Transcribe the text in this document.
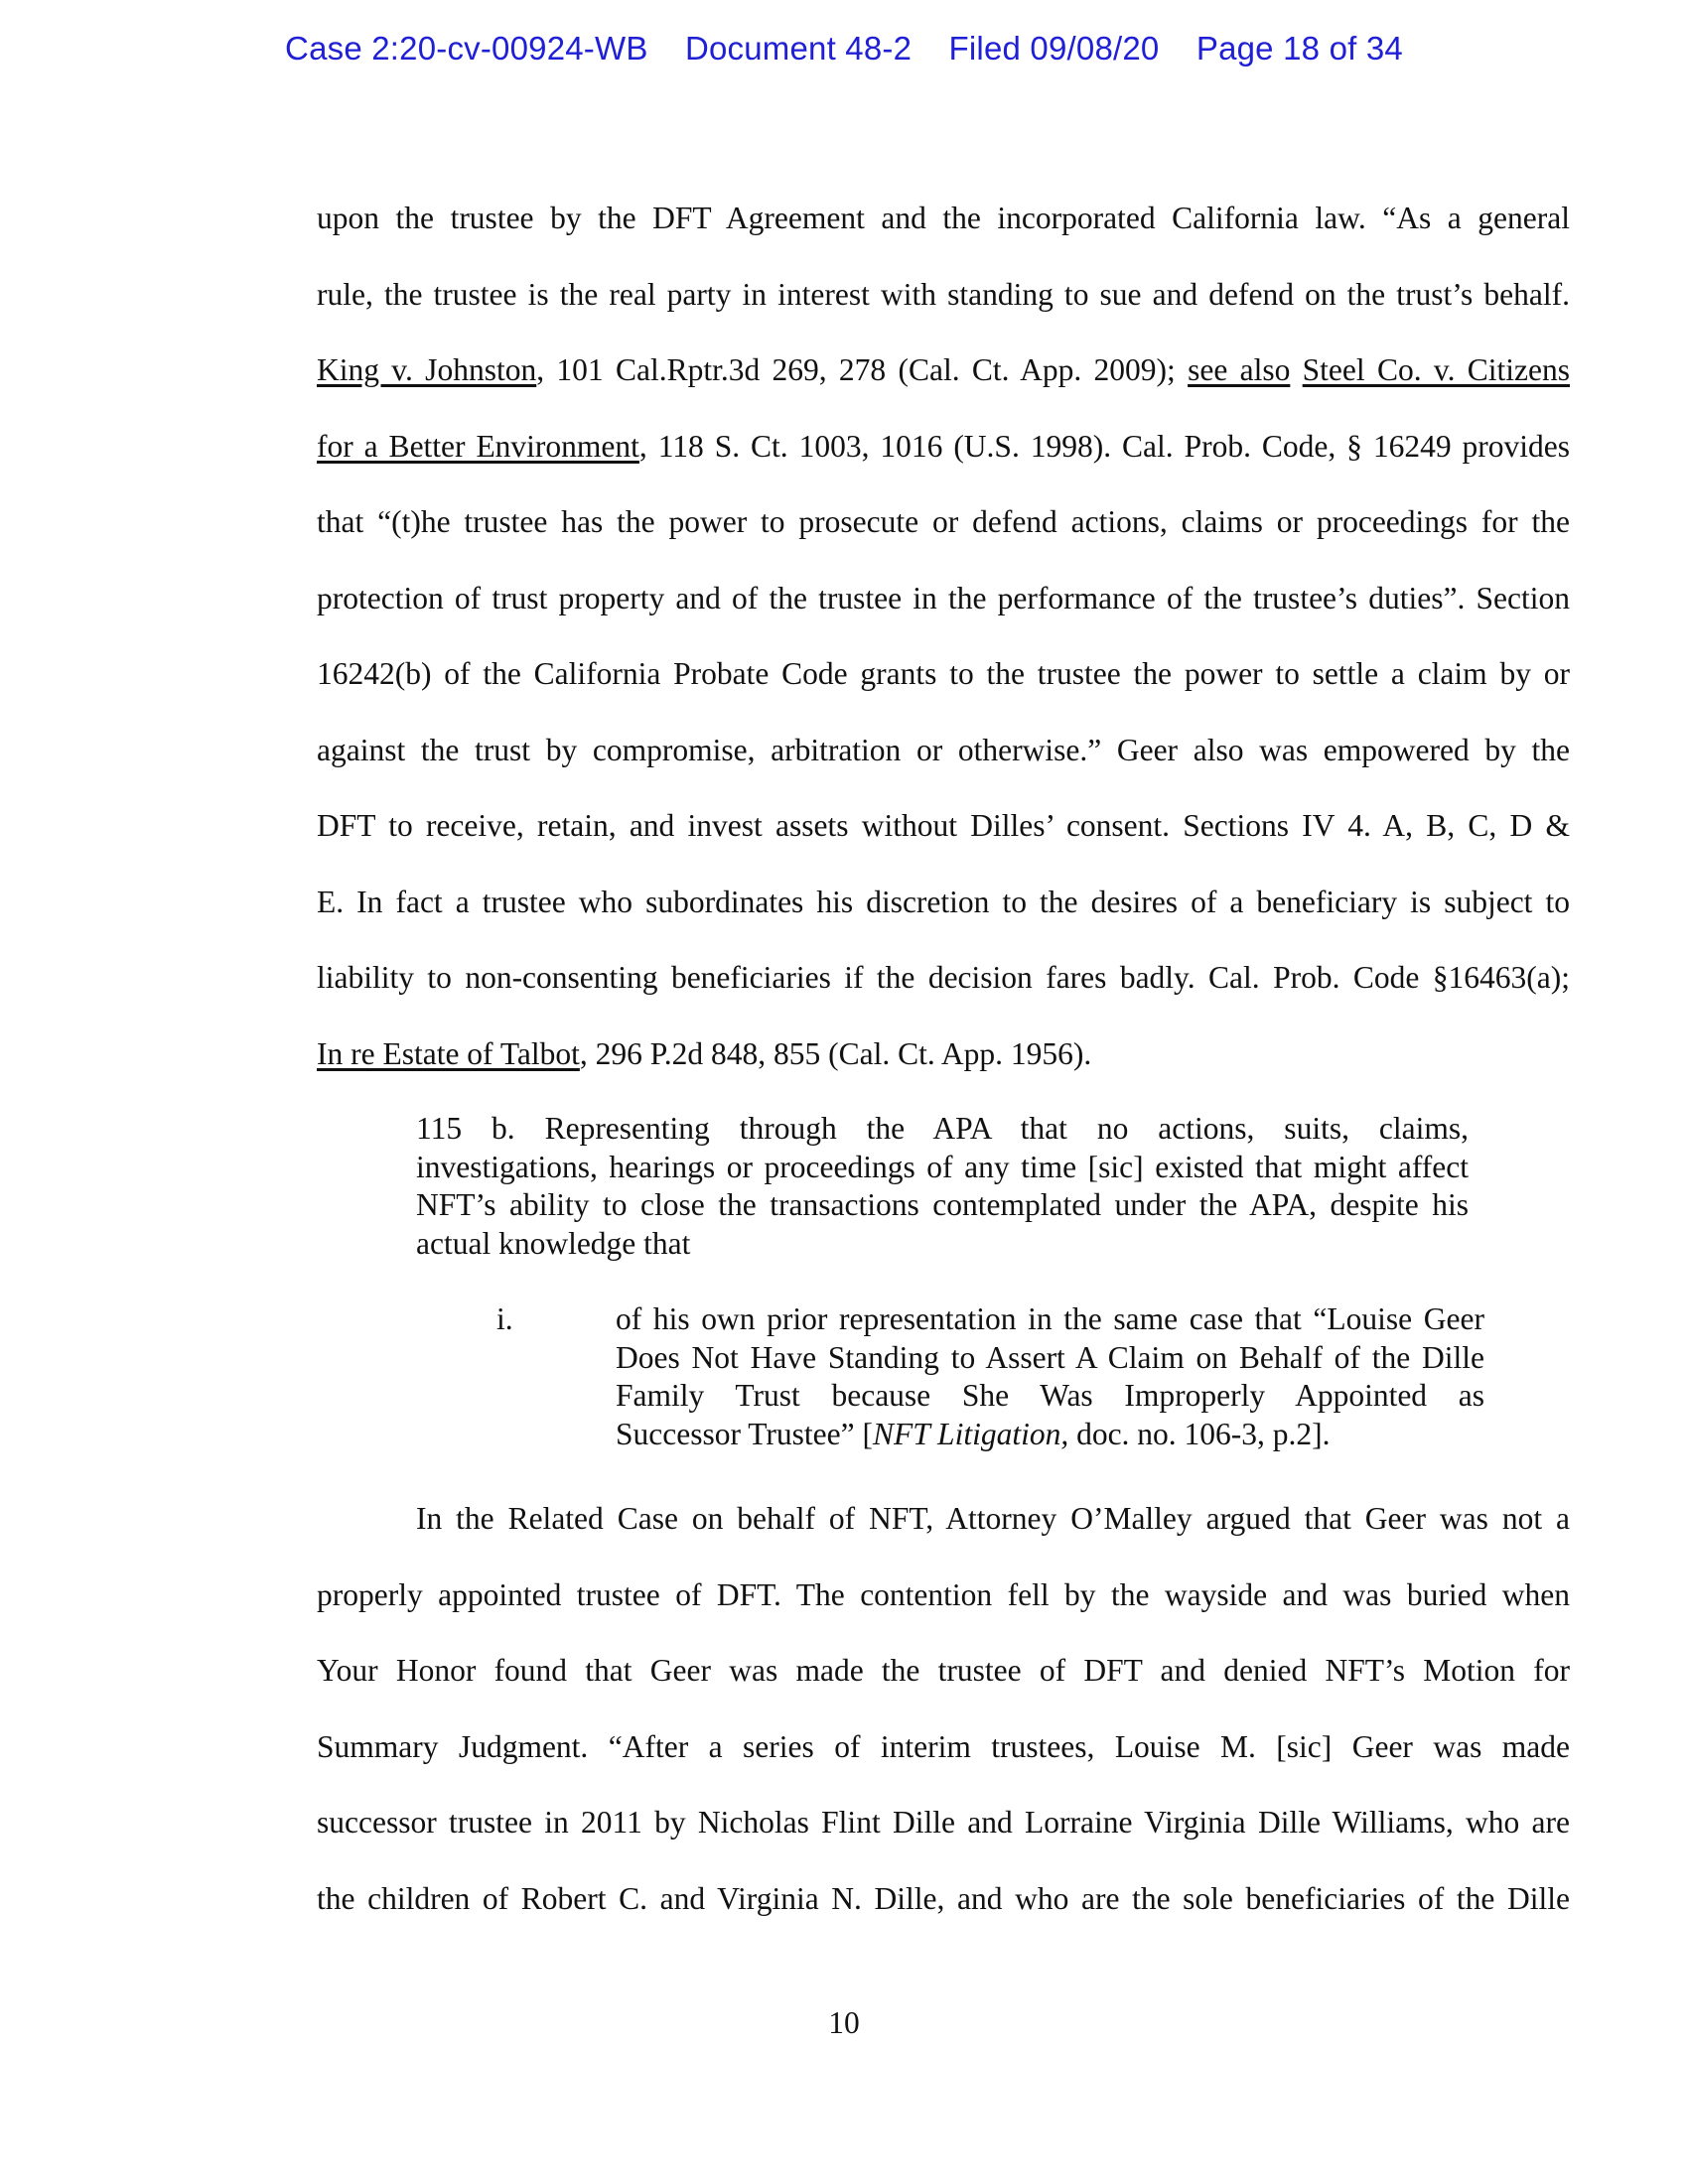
Case 2:20-cv-00924-WB Document 48-2 Filed 09/08/20 Page 18 of 34
upon the trustee by the DFT Agreement and the incorporated California law. “As a general
rule, the trustee is the real party in interest with standing to sue and defend on the trust’s behalf.
King v. Johnston, 101 Cal.Rptr.3d 269, 278 (Cal. Ct. App. 2009); see also Steel Co. v. Citizens
for a Better Environment, 118 S. Ct. 1003, 1016 (U.S. 1998). Cal. Prob. Code, § 16249 provides
that “(t)he trustee has the power to prosecute or defend actions, claims or proceedings for the
protection of trust property and of the trustee in the performance of the trustee’s duties”. Section
16242(b) of the California Probate Code grants to the trustee the power to settle a claim by or
against the trust by compromise, arbitration or otherwise.” Geer also was empowered by the
DFT to receive, retain, and invest assets without Dilles’ consent. Sections IV 4. A, B, C, D &
E. In fact a trustee who subordinates his discretion to the desires of a beneficiary is subject to
liability to non-consenting beneficiaries if the decision fares badly. Cal. Prob. Code §16463(a);
In re Estate of Talbot, 296 P.2d 848, 855 (Cal. Ct. App. 1956).
115 b. Representing through the APA that no actions, suits, claims,
investigations, hearings or proceedings of any time [sic] existed that might affect
NFT’s ability to close the transactions contemplated under the APA, despite his
actual knowledge that
i.	of his own prior representation in the same case that “Louise Geer
Does Not Have Standing to Assert A Claim on Behalf of the Dille
Family Trust because She Was Improperly Appointed as
Successor Trustee” [NFT Litigation, doc. no. 106-3, p.2].
In the Related Case on behalf of NFT, Attorney O’Malley argued that Geer was not a
properly appointed trustee of DFT. The contention fell by the wayside and was buried when
Your Honor found that Geer was made the trustee of DFT and denied NFT’s Motion for
Summary Judgment. “After a series of interim trustees, Louise M. [sic] Geer was made
successor trustee in 2011 by Nicholas Flint Dille and Lorraine Virginia Dille Williams, who are
the children of Robert C. and Virginia N. Dille, and who are the sole beneficiaries of the Dille
10
